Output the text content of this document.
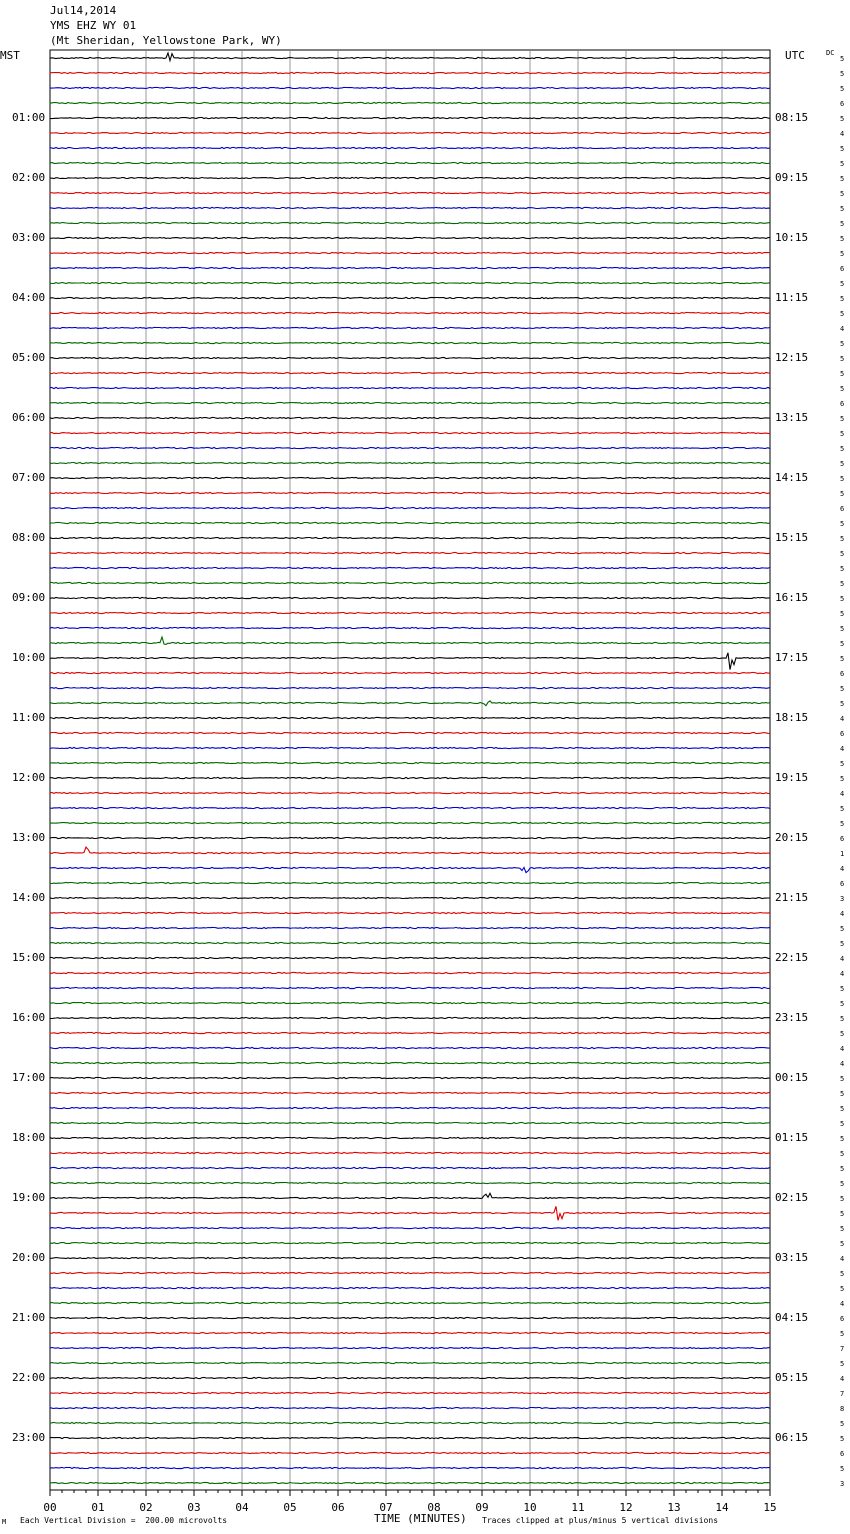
Jul14,2014
YMS EHZ WY 01
(Mt Sheridan, Yellowstone Park, WY)
MST	UTC	DC
01:00
02:00
03:00
04:00
05:00
06:00
07:00
08:00
09:00
10:00
11:00
12:00
13:00
14:00
15:00
16:00
17:00
18:00
19:00
20:00
21:00
22:00
23:00
08:15
09:15
10:15
11:15
12:15
13:15
14:15
15:15
16:15
17:15
18:15
19:15
20:15
21:15
22:15
23:15
00:15
01:15
02:15
03:15
04:15
05:15
06:15
5
5
5
6
5
4
5
5
5
5
5
5
5
5
6
5
5
5
4
5
5
5
5
6
5
5
5
5
5
5
6
5
5
5
5
5
5
5
5
5
5
6
5
5
4
6
4
5
5
4
5
5
6
1
4
6
3
4
5
5
4
4
5
5
5
5
4
4
5
5
5
5
5
5
5
5
5
5
5
5
4
5
5
4
6
5
7
5
4
7
8
5
5
6
5
3
00	01	02	03	04	05	06	07	08	09	10	11	12	13	14	15
M Each Vertical Division =  200.00 microvolts	TIME (MINUTES) Traces clipped at plus/minus 5 vertical divisions
